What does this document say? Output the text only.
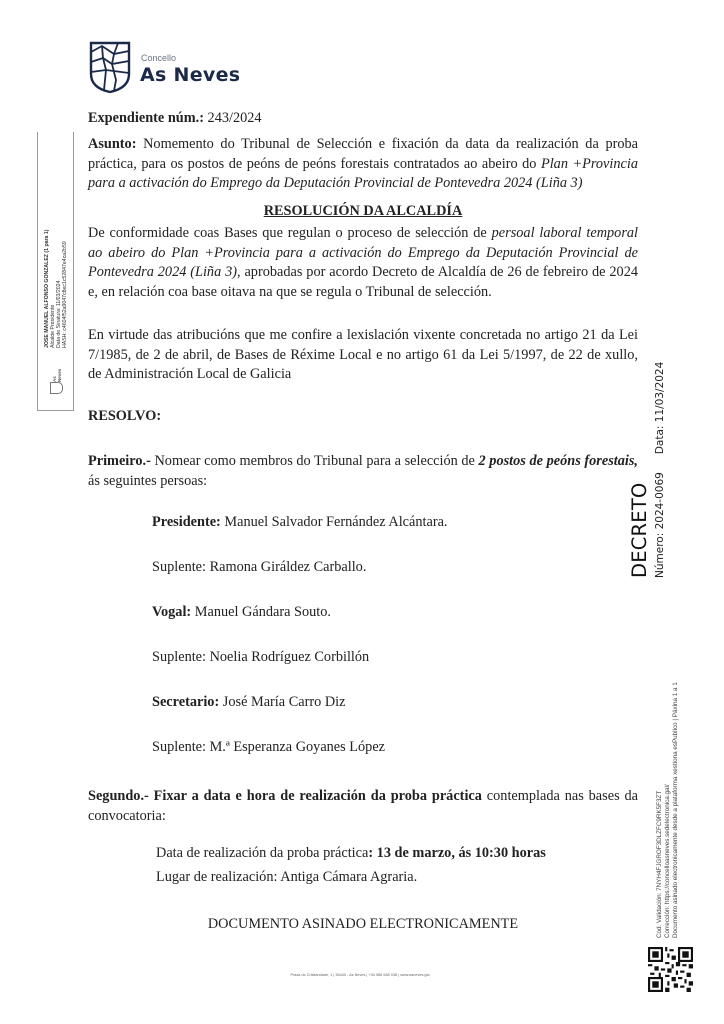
Concello
As Neves
As Neves
JOSE MANUEL ALFONSO GONZALEZ (1 para 1) Alcalde Presidente Data de Sinatura: 11/03/2024 HASH: c4604f52a9047c8ec1c52847e4ca2b59
Expendiente núm.: 243/2024
Asunto: Nomemento do Tribunal de Selección e fixación da data da realización da proba práctica, para os postos de peóns de peóns forestais contratados ao abeiro do Plan +Provincia para a activación do Emprego da Deputación Provincial de Pontevedra 2024 (Liña 3)
RESOLUCIÓN DA ALCALDÍA
De conformidade coas Bases que regulan o proceso de selección de persoal laboral temporal ao abeiro do Plan +Provincia para a activación do Emprego da Deputación Provincial de Pontevedra 2024 (Liña 3), aprobadas por acordo Decreto de Alcaldía de 26 de febreiro de 2024 e, en relación coa base oitava na que se regula o Tribunal de selección.
En virtude das atribucións que me confire a lexislación vixente concretada no artigo 21 da Lei 7/1985, de 2 de abril, de Bases de Réxime Local e no artigo 61 da Lei 5/1997, de 22 de xullo, de Administración Local de Galicia
RESOLVO:
Primeiro.- Nomear como membros do Tribunal para a selección de 2 postos de peóns forestais, ás seguintes persoas:
Presidente: Manuel Salvador Fernández Alcántara.
Suplente: Ramona Giráldez Carballo.
Vogal: Manuel Gándara Souto.
Suplente: Noelia Rodríguez Corbillón
Secretario: José María Carro Diz
Suplente: M.ª Esperanza Goyanes López
Segundo.- Fixar a data e hora de realización da proba práctica contemplada nas bases da convocatoria:
Data de realización da proba práctica: 13 de marzo, ás 10:30 horas
Lugar de realización: Antiga Cámara Agraria.
DOCUMENTO ASINADO ELECTRONICAMENTE
DECRETO Número: 2024-0069Data: 11/03/2024
Cod. Validación: 7NYH4FJGROF3DLZFC9RK5F3ZT Corrección: https://concelloasneves.sedelectronica.gal/ Documento asinado electronicamente desde a plataforma xestiona esPublico | Páxina 1 a 1
Praza do Cristiandade, 1 | 36440 - As Neves | +34 986 648 038 | www.asneves.gal
